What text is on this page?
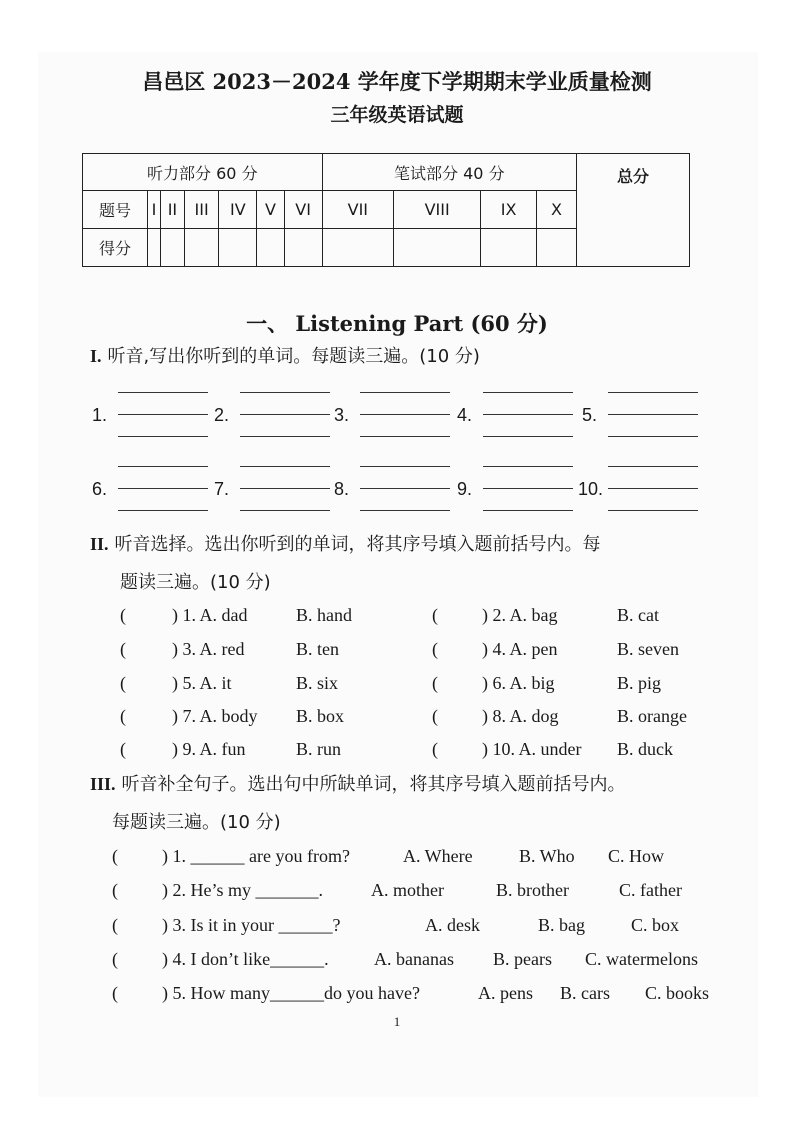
昌邑区 2023－2024 学年度下学期期末学业质量检测
三年级英语试题
听力部分 60 分							笔试部分 40 分				总分
题号	I	II	III	IV	V	VI	VII	VIII	IX	X	
得分											
一、 Listening Part (60 分)
I. 听音,写出你听到的单词。每题读三遍。(10 分)
1.	2.	3.	4.	5.
6.	7.	8.	9.	10.
II. 听音选择。选出你听到的单词，将其序号填入题前括号内。每
题读三遍。(10 分)
(	) 1. A. dad	B. hand	( ) 2. A. bag	B. cat
(	) 3. A. red	B. ten	( ) 4. A. pen	B. seven
(	) 5. A. it	B. six	( ) 6. A. big	B. pig
(	) 7. A. body B. box	( ) 8. A. dog	B. orange
(	) 9. A. fun	B. run	( ) 10. A. under B. duck
III. 听音补全句子。选出句中所缺单词，将其序号填入题前括号内。
每题读三遍。(10 分)
( ) 1. ______ are you from?	A. Where	B. Who C. How
( ) 2. He’s my _______.	A. mother	B. brother	C. father
( ) 3. Is it in your ______?	A. desk	B. bag	C. box
( ) 4. I don’t like______.	A. bananas B. pears C. watermelons
( ) 5. How many______do you have?	A. pens B. cars C. books
1
